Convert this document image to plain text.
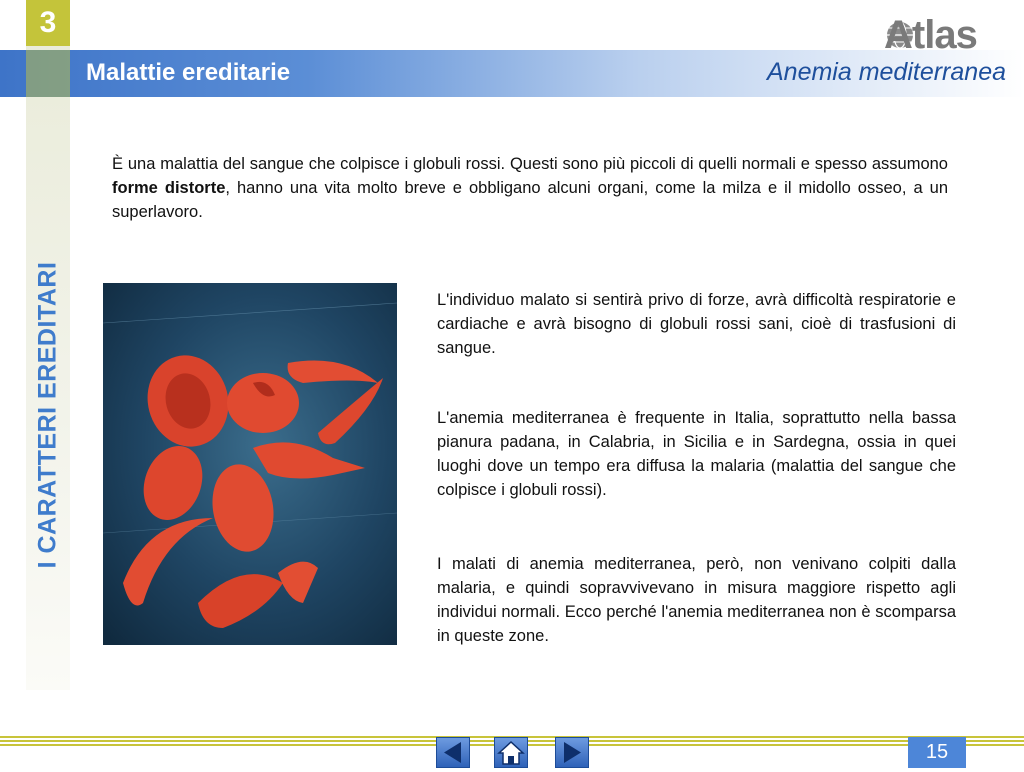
3
I CARATTERI EREDITARI
Malattie ereditarie	Anemia mediterranea
Atlas
È una malattia del sangue che colpisce i globuli rossi. Questi sono più piccoli di quelli normali e spesso assumono forme distorte, hanno una vita molto breve e obbligano alcuni organi, come la milza e il midollo osseo, a un superlavoro.
L'individuo malato si sentirà privo di forze, avrà difficoltà respiratorie e cardiache e avrà bisogno di globuli rossi sani, cioè di trasfusioni di sangue.
L'anemia mediterranea è frequente in Italia, soprattutto nella bassa pianura padana, in Calabria, in Sicilia e in Sardegna, ossia in quei luoghi dove un tempo era diffusa la malaria (malattia del sangue che colpisce i globuli rossi).
I malati di anemia mediterranea, però, non venivano colpiti dalla malaria, e quindi sopravvivevano in misura maggiore rispetto agli individui normali. Ecco perché l'anemia mediterranea non è scomparsa in queste zone.
15
